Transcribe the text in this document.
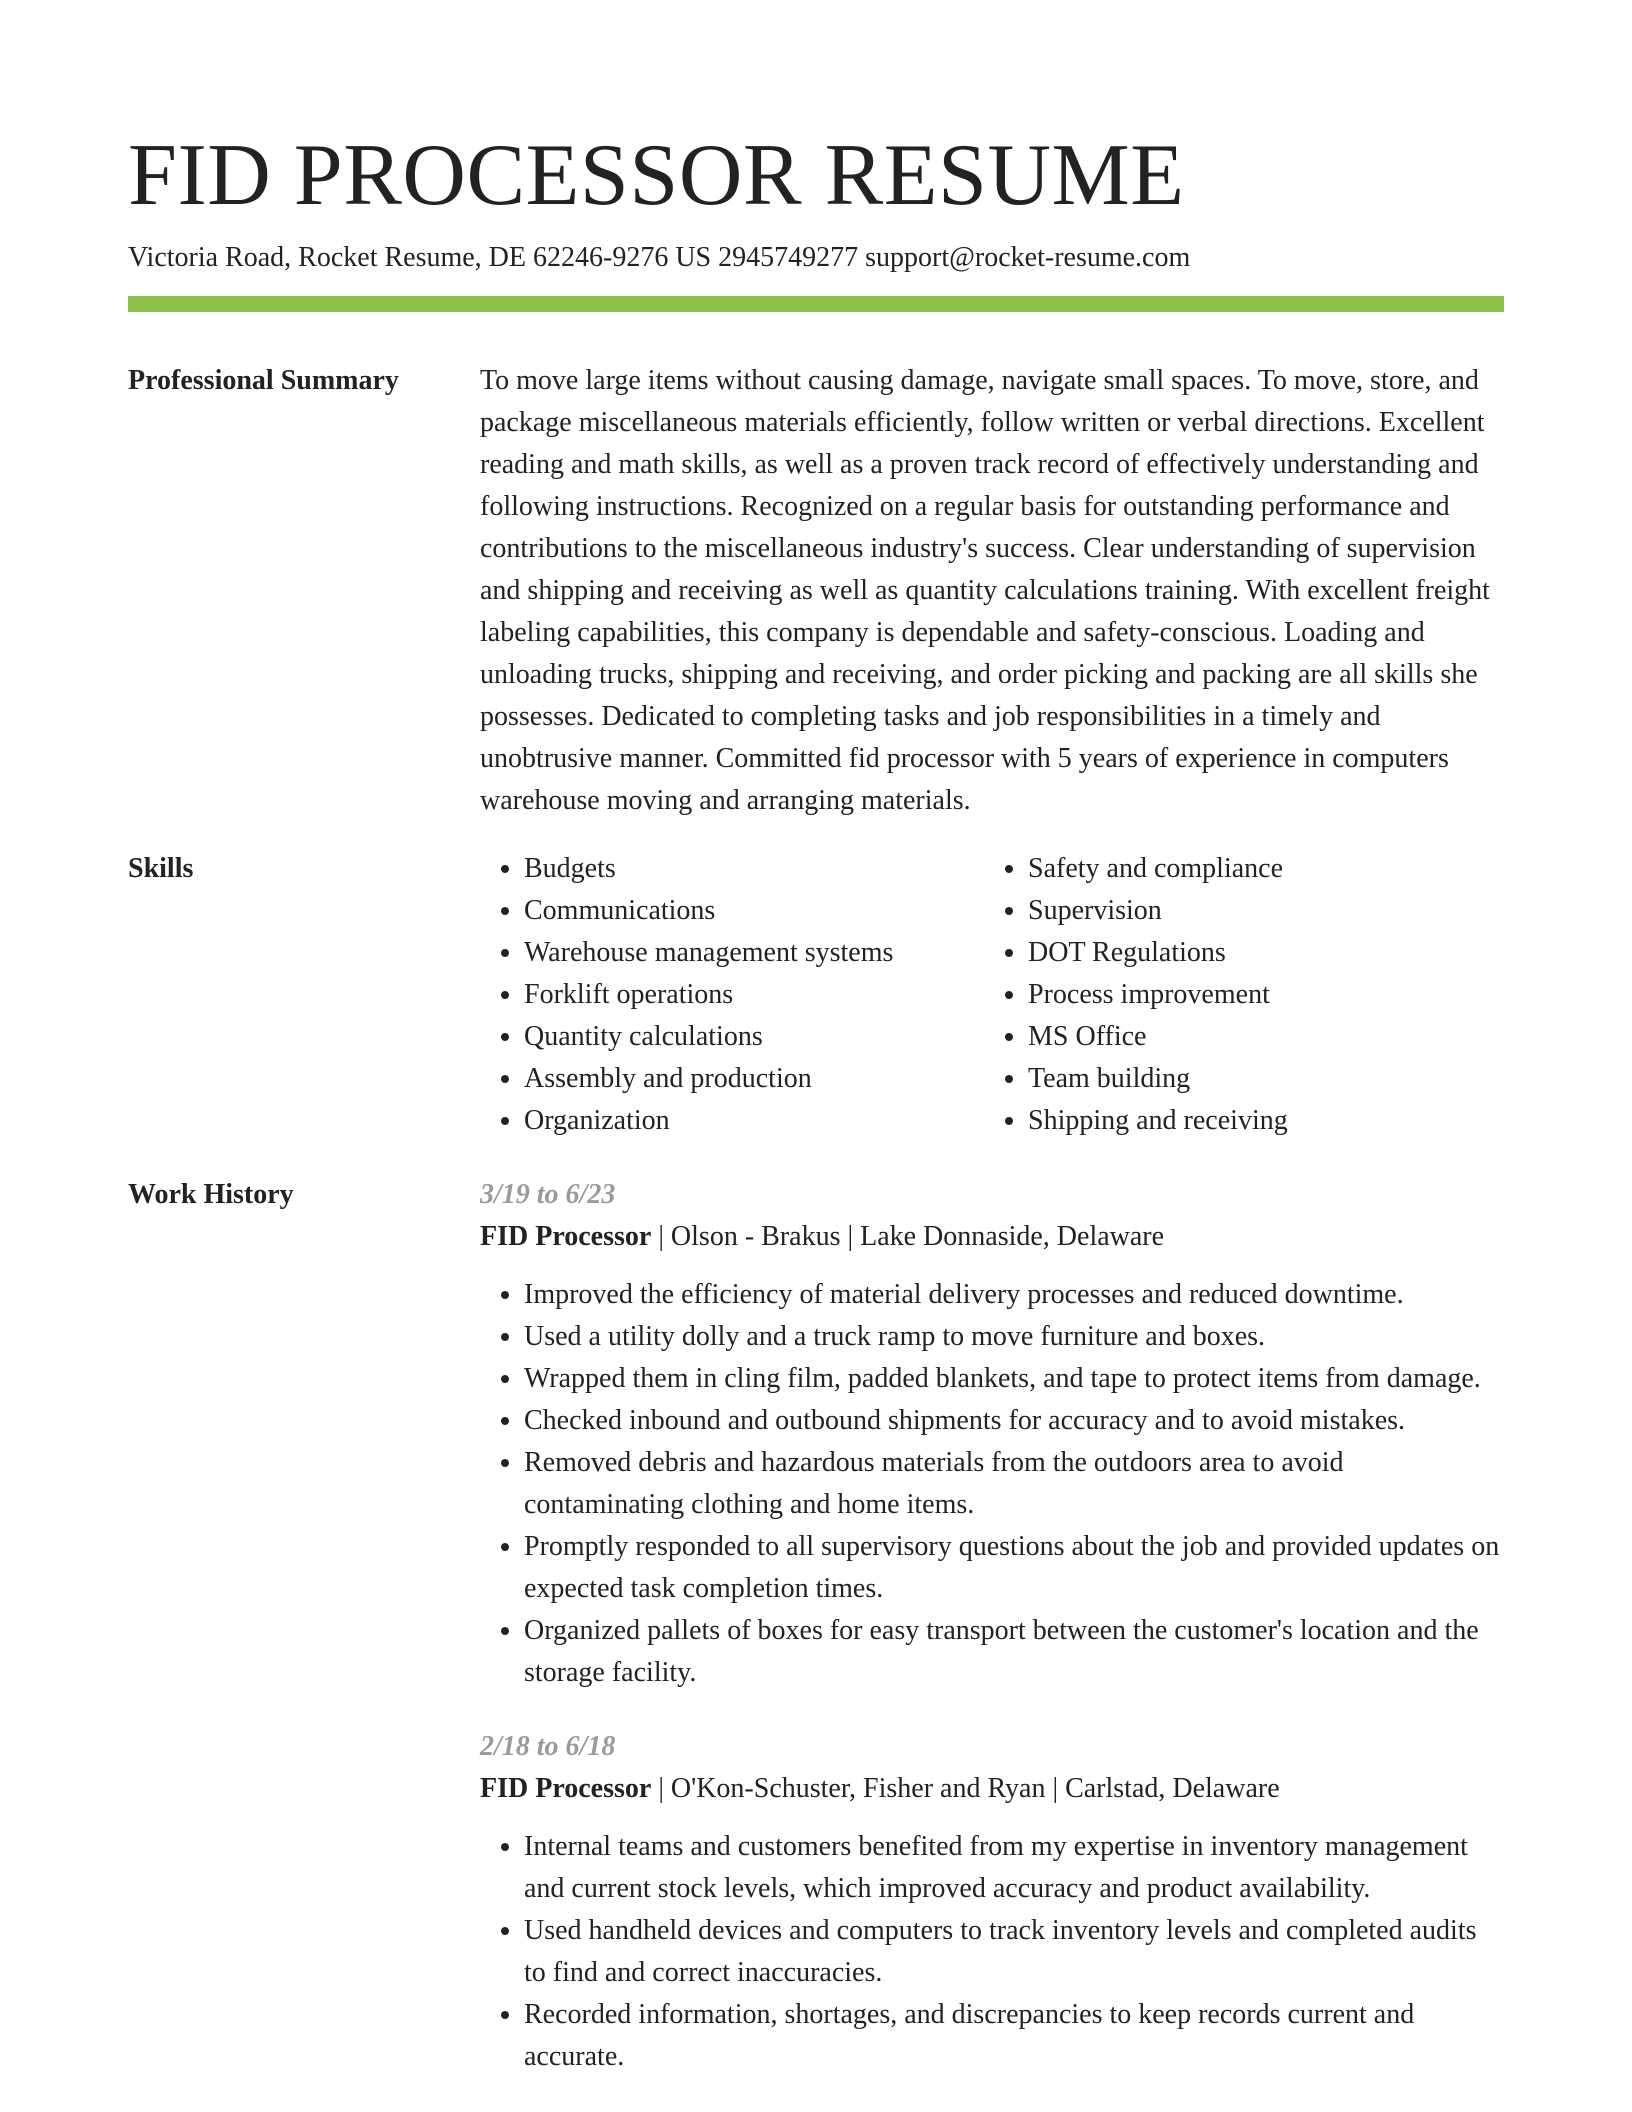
FID PROCESSOR RESUME
Victoria Road, Rocket Resume, DE 62246-9276 US 2945749277 support@rocket-resume.com
Professional Summary	To move large items without causing damage, navigate small spaces. To move, store, and package miscellaneous materials efficiently, follow written or verbal directions. Excellent reading and math skills, as well as a proven track record of effectively understanding and following instructions. Recognized on a regular basis for outstanding performance and contributions to the miscellaneous industry's success. Clear understanding of supervision and shipping and receiving as well as quantity calculations training. With excellent freight labeling capabilities, this company is dependable and safety-conscious. Loading and unloading trucks, shipping and receiving, and order picking and packing are all skills she possesses. Dedicated to completing tasks and job responsibilities in a timely and unobtrusive manner. Committed fid processor with 5 years of experience in computers warehouse moving and arranging materials.

Skills
•	Budgets
• Communications
• Warehouse management systems
• Forklift operations
• Quantity calculations
• Assembly and production
• Organization
• Safety and compliance
• Supervision
• DOT Regulations
• Process improvement
• MS Office
• Team building
• Shipping and receiving
Work History	3/19 to 6/23
FID Processor | Olson - Brakus | Lake Donnaside, Delaware
• Improved the efficiency of material delivery processes and reduced downtime.
• Used a utility dolly and a truck ramp to move furniture and boxes.
• Wrapped them in cling film, padded blankets, and tape to protect items from damage.
• Checked inbound and outbound shipments for accuracy and to avoid mistakes.
• Removed debris and hazardous materials from the outdoors area to avoid contaminating clothing and home items.
• Promptly responded to all supervisory questions about the job and provided updates on expected task completion times.
• Organized pallets of boxes for easy transport between the customer's location and the storage facility.
2/18 to 6/18
FID Processor | O'Kon-Schuster, Fisher and Ryan | Carlstad, Delaware
• Internal teams and customers benefited from my expertise in inventory management and current stock levels, which improved accuracy and product availability.
• Used handheld devices and computers to track inventory levels and completed audits to find and correct inaccuracies.
• Recorded information, shortages, and discrepancies to keep records current and accurate.
